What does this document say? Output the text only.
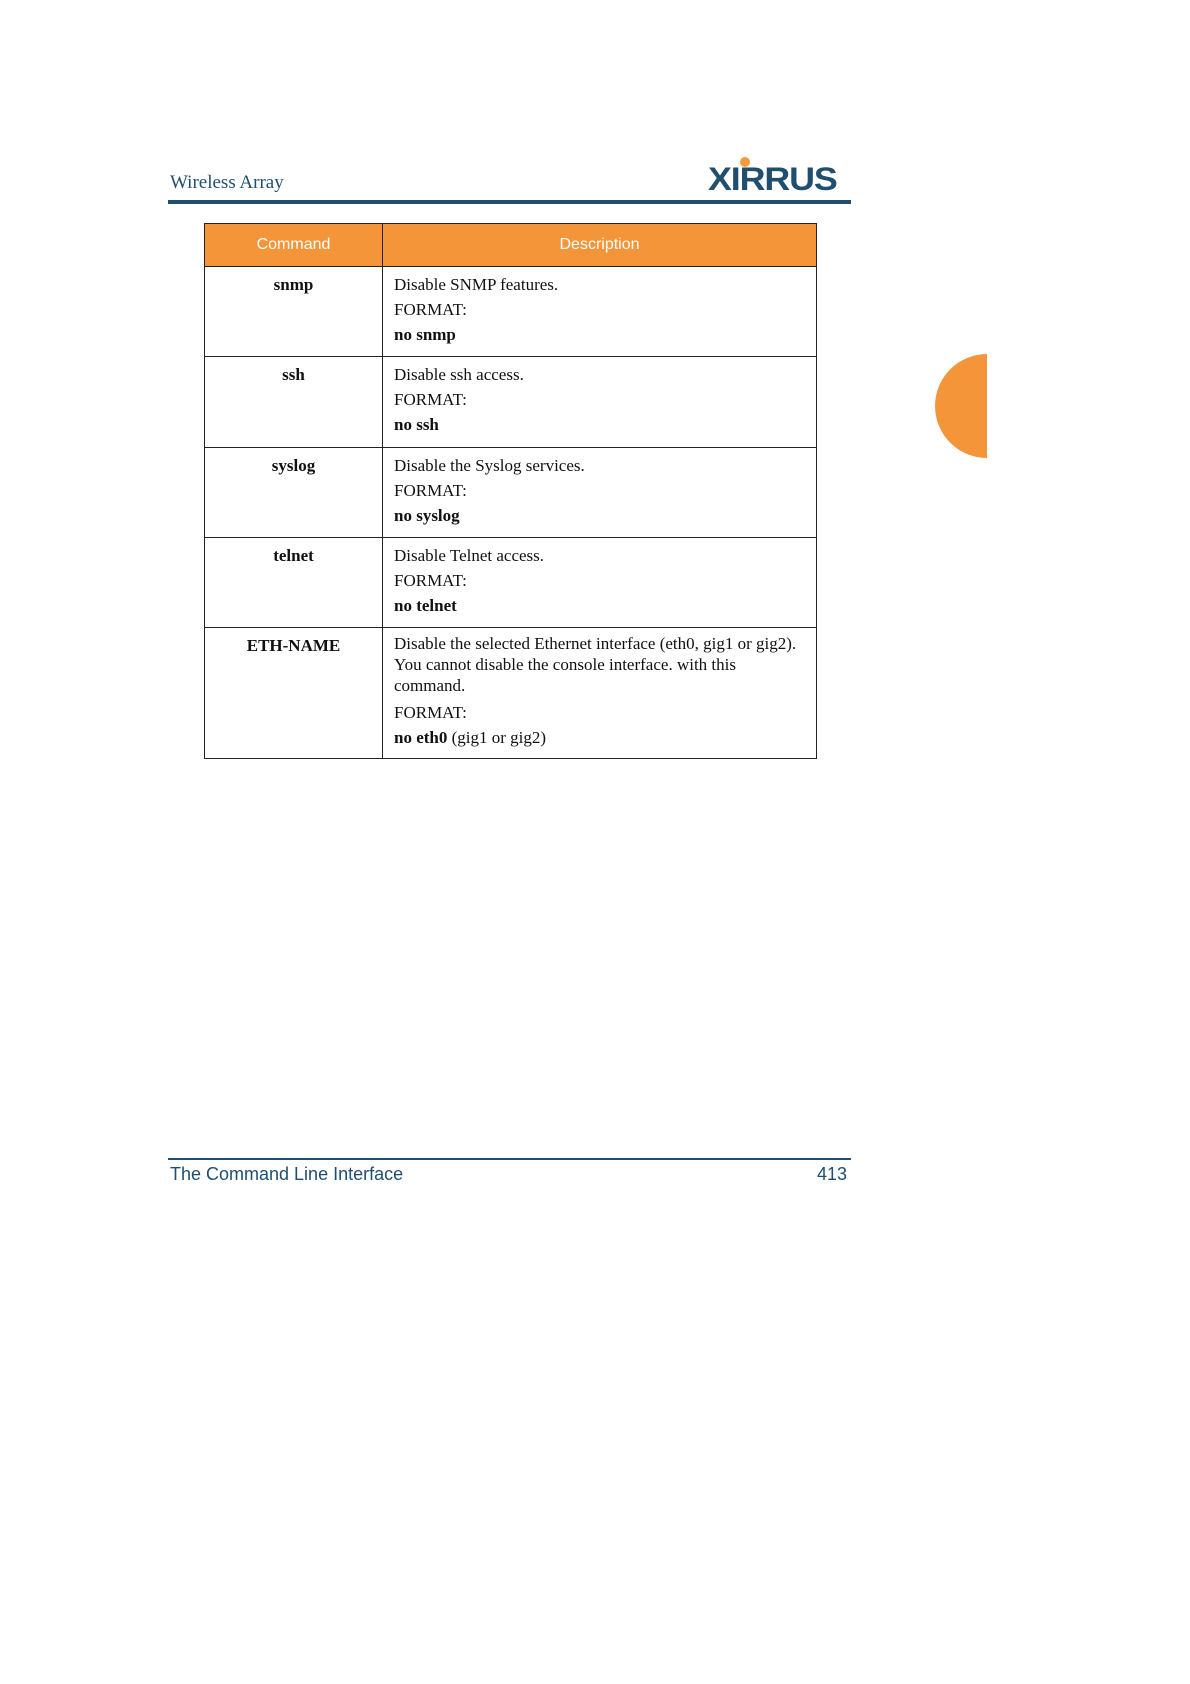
Wireless Array	XIRRUS
Command	Description
snmp	Disable SNMP features.
FORMAT:
no snmp

ssh	Disable ssh access.
FORMAT:
no ssh

syslog	Disable the Syslog services.
FORMAT:
no syslog

telnet	Disable Telnet access.
FORMAT:
no telnet

ETH-NAME	Disable the selected Ethernet interface (eth0, gig1 or gig2). You cannot disable the console interface. with this command.
FORMAT:
no eth0 (gig1 or gig2)
The Command Line Interface	413
